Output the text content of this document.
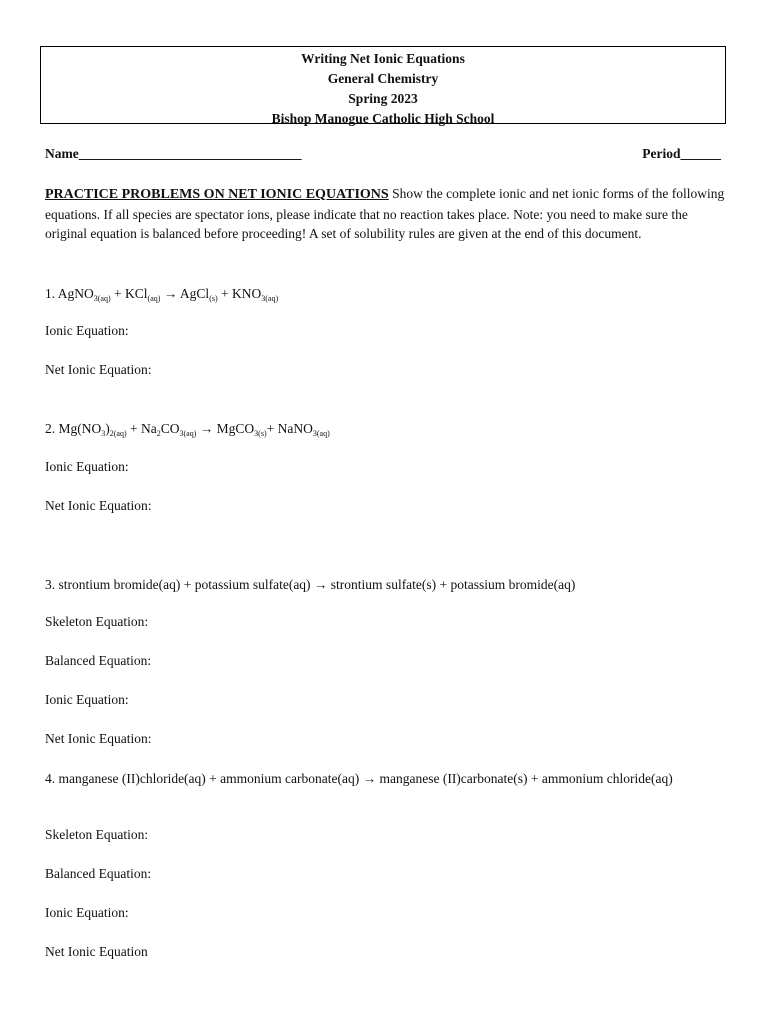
Writing Net Ionic Equations
General Chemistry
Spring 2023
Bishop Manogue Catholic High School
Name_________________________________	Period______
PRACTICE PROBLEMS ON NET IONIC EQUATIONS Show the complete ionic and net ionic forms of the following equations. If all species are spectator ions, please indicate that no reaction takes place. Note: you need to make sure the original equation is balanced before proceeding! A set of solubility rules are given at the end of this document.
1. AgNO$_{3(aq)}$ + KCl$_{(aq)}$ → AgCl$_{(s)}$ + $KNO_{3(aq)}$
Ionic Equation:
Net Ionic Equation:
2. $Mg(NO_3)_{2(aq)} + Na_2CO_{3(aq)}$ → MgCO$_{3(s)}$+ NaNO$_{3(aq)}$
Ionic Equation:
Net Ionic Equation:
3. strontium bromide(aq) + potassium sulfate(aq) → strontium sulfate(s) + potassium bromide(aq)
Skeleton Equation:
Balanced Equation:
Ionic Equation:
Net Ionic Equation:
4. manganese (II)chloride(aq) + ammonium carbonate(aq) → manganese (II)carbonate(s) + ammonium chloride(aq)
Skeleton Equation:
Balanced Equation:
Ionic Equation:
Net Ionic Equation
